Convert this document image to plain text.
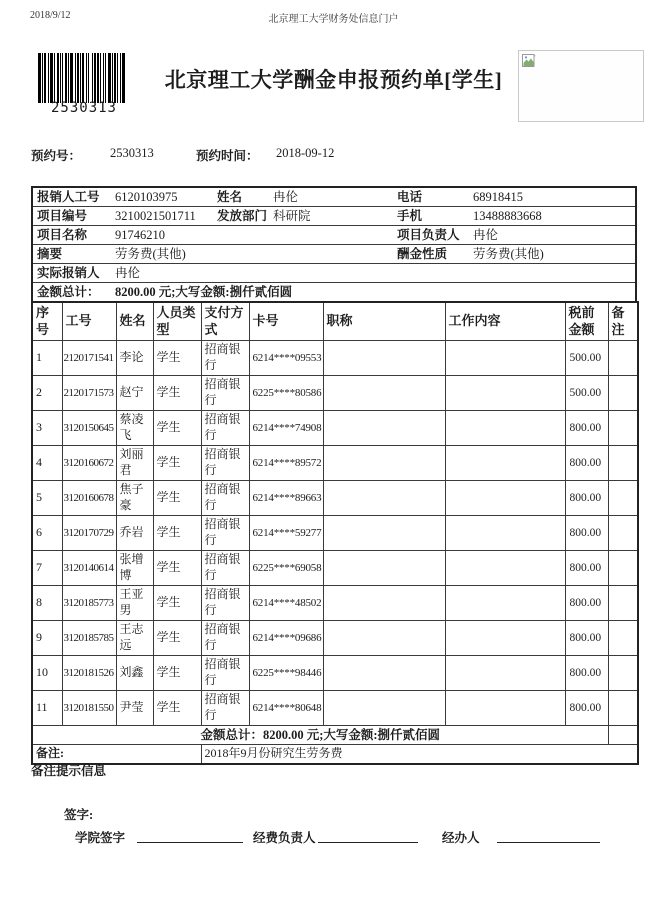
2018/9/12	北京理工大学财务处信息门户
2530313
北京理工大学酬金申报预约单[学生]
预约号： 2530313	预约时间： 2018-09-12
报销人工号	6120103975	姓名	冉伦	电话	68918415
项目编号	3210021501711	发放部门 科研院	手机	13488883668
项目名称	91746210	项目负责人	冉伦
摘要	劳务费(其他)	酬金性质	劳务费(其他)
实际报销人	冉伦
金额总计：	8200.00 元;大写金额:捌仟贰佰圆
序号	工号	姓名	人员类型	支付方式	卡号	职称	工作内容	税前金额	备注
1	2120171541	李论	学生	招商银行	6214****09553			500.00	
2	2120171573	赵宁	学生	招商银行	6225****80586			500.00	
3	3120150645	蔡凌飞	学生	招商银行	6214****74908			800.00	
4	3120160672	刘丽君	学生	招商银行	6214****89572			800.00	
5	3120160678	焦子豪	学生	招商银行	6214****89663			800.00	
6	3120170729	乔岩	学生	招商银行	6214****59277			800.00	
7	3120140614	张增博	学生	招商银行	6225****69058			800.00	
8	3120185773	王亚男	学生	招商银行	6214****48502			800.00	
9	3120185785	王志远	学生	招商银行	6214****09686			800.00	
10	3120181526	刘鑫	学生	招商银行	6225****98446			800.00	
11	3120181550	尹莹	学生	招商银行	6214****80648			800.00	
金额总计：8200.00 元;大写金额:捌仟贰佰圆									
备注:				2018年9月份研究生劳务费					
备注提示信息
签字:
学院签字	经费负责人	经办人
